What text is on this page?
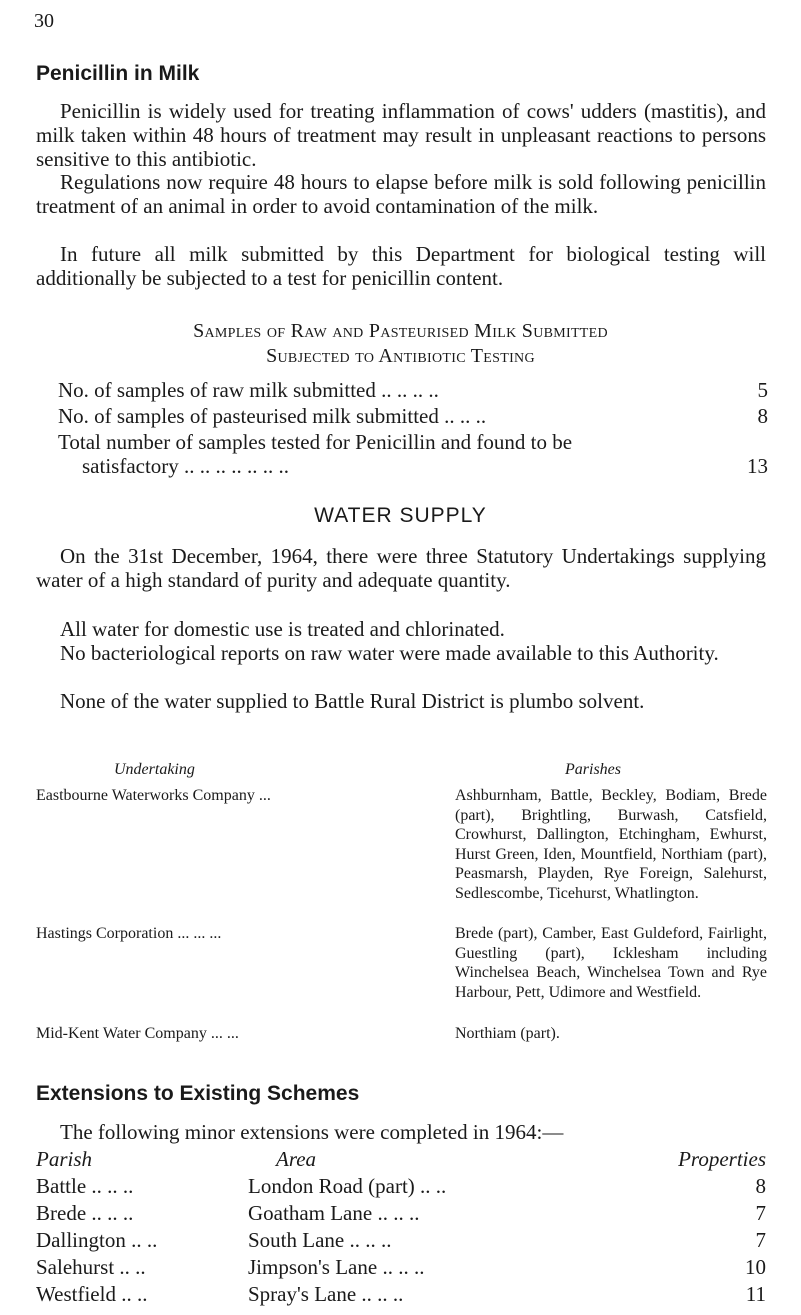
30
Penicillin in Milk

Penicillin is widely used for treating inflammation of cows' udders (mastitis), and milk taken within 48 hours of treatment may result in unpleasant reactions to persons sensitive to this antibiotic.

Regulations now require 48 hours to elapse before milk is sold following penicillin treatment of an animal in order to avoid contamination of the milk.

In future all milk submitted by this Department for biological testing will additionally be subjected to a test for penicillin content.

Samples of Raw and Pasteurised Milk Submitted
Subjected to Antibiotic Testing
No. of samples of raw milk submitted .. .. .. ..	5
No. of samples of pasteurised milk submitted .. .. ..	8
Total number of samples tested for Penicillin and found to be
satisfactory .. .. .. .. .. .. ..	13
WATER SUPPLY

On the 31st December, 1964, there were three Statutory Undertakings supplying water of a high standard of purity and adequate quantity.

All water for domestic use is treated and chlorinated.

No bacteriological reports on raw water were made available to this Authority.

None of the water supplied to Battle Rural District is plumbo solvent.

Undertaking	Parishes
Eastbourne Waterworks Company ...	Ashburnham, Battle, Beckley, Bodiam, Brede (part), Brightling, Burwash, Catsfield, Crowhurst, Dallington, Etchingham, Ewhurst, Hurst Green, Iden, Mountfield, Northiam (part), Peasmarsh, Playden, Rye Foreign, Salehurst, Sedlescombe, Ticehurst, Whatlington.
Hastings Corporation ... ... ...	Brede (part), Camber, East Guldeford, Fairlight, Guestling (part), Icklesham including Winchelsea Beach, Winchelsea Town and Rye Harbour, Pett, Udimore and Westfield.
Mid-Kent Water Company ... ...	Northiam (part).
Extensions to Existing Schemes

The following minor extensions were completed in 1964:—

Parish	Area	Properties
Battle .. .. ..	London Road (part) .. ..	8
Brede .. .. ..	Goatham Lane .. .. ..	7
Dallington .. ..	South Lane .. .. ..	7
Salehurst .. ..	Jimpson's Lane .. .. ..	10
Westfield .. ..	Spray's Lane .. .. ..	11
